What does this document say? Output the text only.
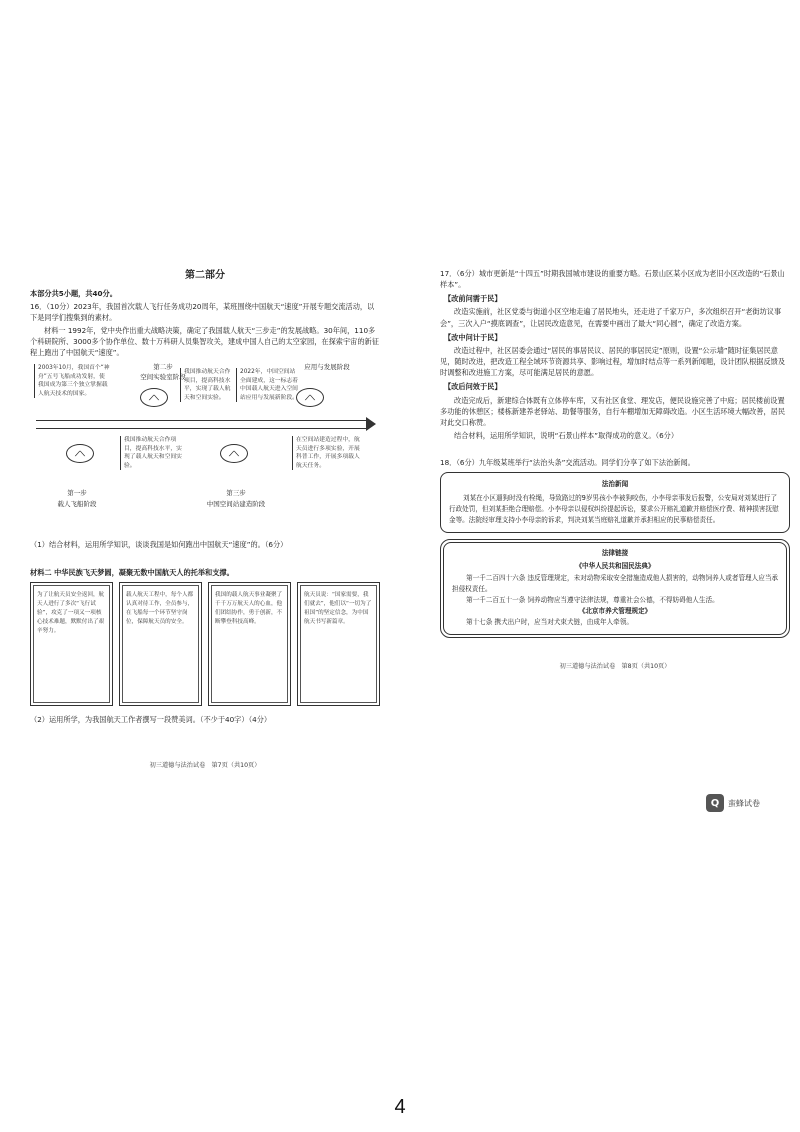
第二部分
本部分共5小题，共40分。
16．（10分）2023年，我国首次载人飞行任务成功20周年，某班围绕中国航天“速度”开展专题交流活动，以下是同学们搜集到的素材。
材料一 1992年，党中央作出重大战略决策，确定了我国载人航天“三步走”的发展战略。30年间，110多个科研院所、3000多个协作单位、数十万科研人员集智攻关，建成中国人自己的太空家园，在探索宇宙的新征程上跑出了中国航天“速度”。
2003年10月，我国首个“神舟”五号飞船成功发射，使我国成为第三个独立掌握载人航天技术的国家。
第二步
空间实验室阶段
⟋⟍
我国推动航天合作项目，提高科技水平，实现了载人航天和空间实验。
2022年，中国空间站全面建成，这一标志着中国载人航天进入空间站应用与发展新阶段。
应用与发展阶段
⟋⟍
⟋⟍
第一步
载人飞船阶段
我国推动航天合作项目，提高科技水平，实现了载人航天和空间实验。
⟋⟍
第三步
中国空间站建造阶段
在空间站建造过程中，航天员进行多项实验，开展科普工作，开展多项载人航天任务。
（1）结合材料，运用所学知识，谈谈我国是如何跑出中国航天“速度”的。（6分）
材料二 中华民族飞天梦圆，凝聚无数中国航天人的托举和支撑。
为了让航天员安全返回，航天人进行了多次“飞行试验”，攻克了一项又一项核心技术难题，默默付出了艰辛努力。
载人航天工程中，每个人都认真对待工作，全员参与，在飞船每一个环节坚守岗位，保障航天员的安全。
我国的载人航天事业凝聚了千千万万航天人的心血，他们团结协作，勇于创新，不断攀登科技高峰。
航天员说：“国家需要，我们就去”，他们以“一切为了祖国”的坚定信念，为中国航天书写新篇章。
（2）运用所学，为我国航天工作者撰写一段赞美词。（不少于40字）（4分）
初三道德与法治试卷　第7页（共10页）
17．（6分）城市更新是“十四五”时期我国城市建设的重要方略。石景山区某小区成为老旧小区改造的“石景山样本”。
【改前问需于民】
改造实施前，社区党委与街道小区空地走遍了居民地头，还走进了千家万户，多次组织召开“老街坊议事会”，三次入户“摸底调查”，让居民改造意见，在需要中画出了最大“同心圆”，确定了改造方案。
【改中问计于民】
改造过程中，社区居委会通过“居民的事居民议、居民的事居民定”原则，设置“公示墙”随时征集居民意见，随时改进，把改造工程全域环节资源共享、影响过程，增加时结点等一系列新闻题，设计团队根据反馈及时调整和改进施工方案，尽可能满足居民的意愿。
【改后问效于民】
改造完成后，新建综合体既有立体停车库，又有社区食堂、理发店，便民设施完善了中庭；居民楼前设置多功能的休憩区；楼栋新建养老驿站、助餐等服务，自行车棚增加无障碍改造。小区生活环境大幅改善，居民对此交口称赞。
结合材料，运用所学知识，说明“石景山样本”取得成功的意义。（6分）
18．（6分）九年级某班举行“法治头条”交流活动。同学们分享了如下法治新闻。
法治新闻
刘某在小区遛狗时没有栓绳，导致路过的9岁男孩小李被狗咬伤，小李母亲事发后报警，公安局对刘某进行了行政处罚，但刘某拒绝合理赔偿。小李母亲以侵权纠纷提起诉讼，要求公开赔礼道歉并赔偿医疗费、精神损害抚慰金等。法院经审理支持小李母亲的诉求，判决刘某当庭赔礼道歉并承担相应的民事赔偿责任。
法律链接
《中华人民共和国民法典》
第一千二百四十六条 违反管理规定，未对动物采取安全措施造成他人损害的，动物饲养人或者管理人应当承担侵权责任。
第一千二百五十一条 饲养动物应当遵守法律法规，尊重社会公德，不得妨碍他人生活。
《北京市养犬管理规定》
第十七条 携犬出户时，应当对犬束犬链，由成年人牵领。
初三道德与法治试卷　第8页（共10页）
Q	蛮蜂试卷
4
